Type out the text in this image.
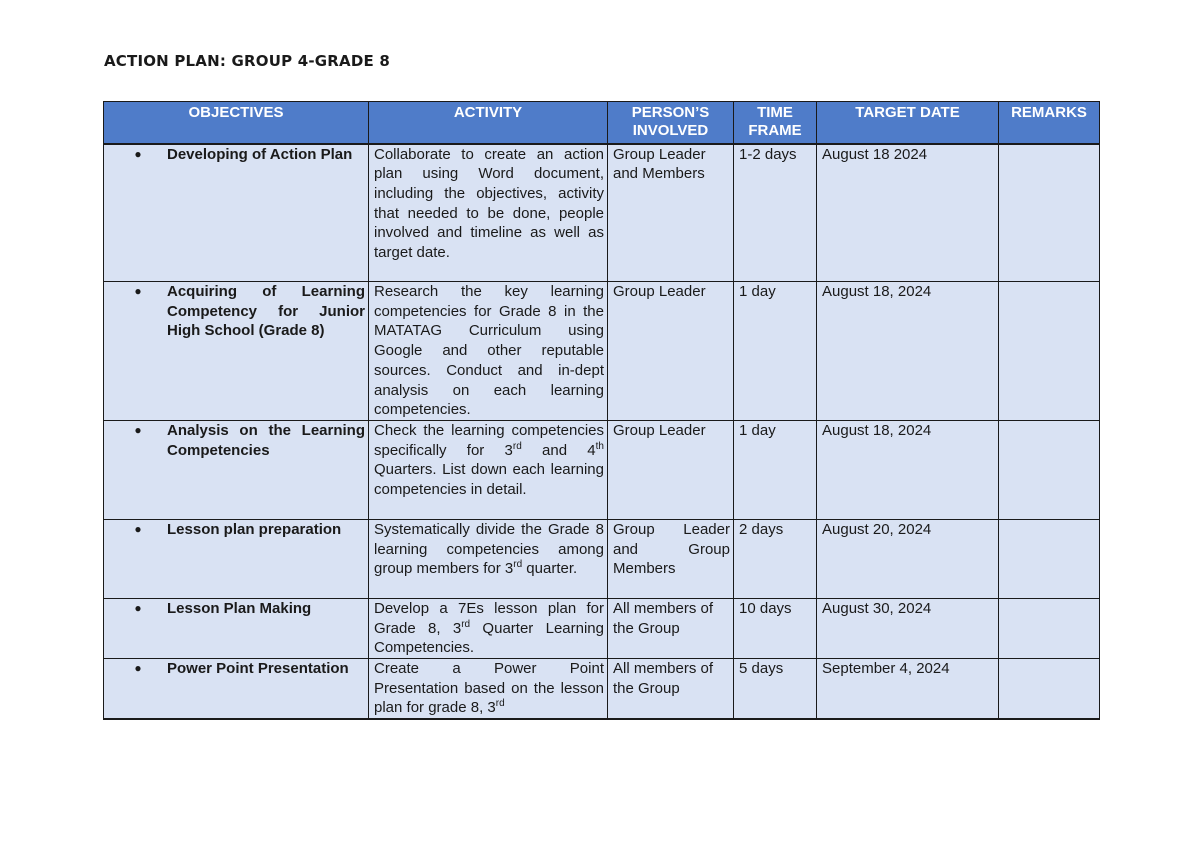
ACTION PLAN: GROUP 4-GRADE 8
OBJECTIVES	ACTIVITY	PERSON’S INVOLVED	TIME FRAME	TARGET DATE	REMARKS

● Developing of Action Plan	Collaborate to create an action plan using Word document, including the objectives, activity that needed to be done, people involved and timeline as well as target date.	Group Leader and Members	1-2 days	August 18 2024	

● Acquiring of Learning Competency for Junior High School (Grade 8)	Research the key learning competencies for Grade 8 in the MATATAG Curriculum using Google and other reputable sources. Conduct and in-dept analysis on each learning competencies.	Group Leader	1 day	August 18, 2024	

● Analysis on the Learning Competencies	Check the learning competencies specifically for 3rd and 4th Quarters. List down each learning competencies in detail.	Group Leader	1 day	August 18, 2024	

● Lesson plan preparation	Systematically divide the Grade 8 learning competencies among group members for 3rd quarter.	Group Leader and Group Members	2 days	August 20, 2024	

● Lesson Plan Making	Develop a 7Es lesson plan for Grade 8, 3rd Quarter Learning Competencies.	All members of the Group	10 days	August 30, 2024	

● Power Point Presentation	Create a Power Point Presentation based on the lesson plan for grade 8, 3rd	All members of the Group	5 days	September 4, 2024	
